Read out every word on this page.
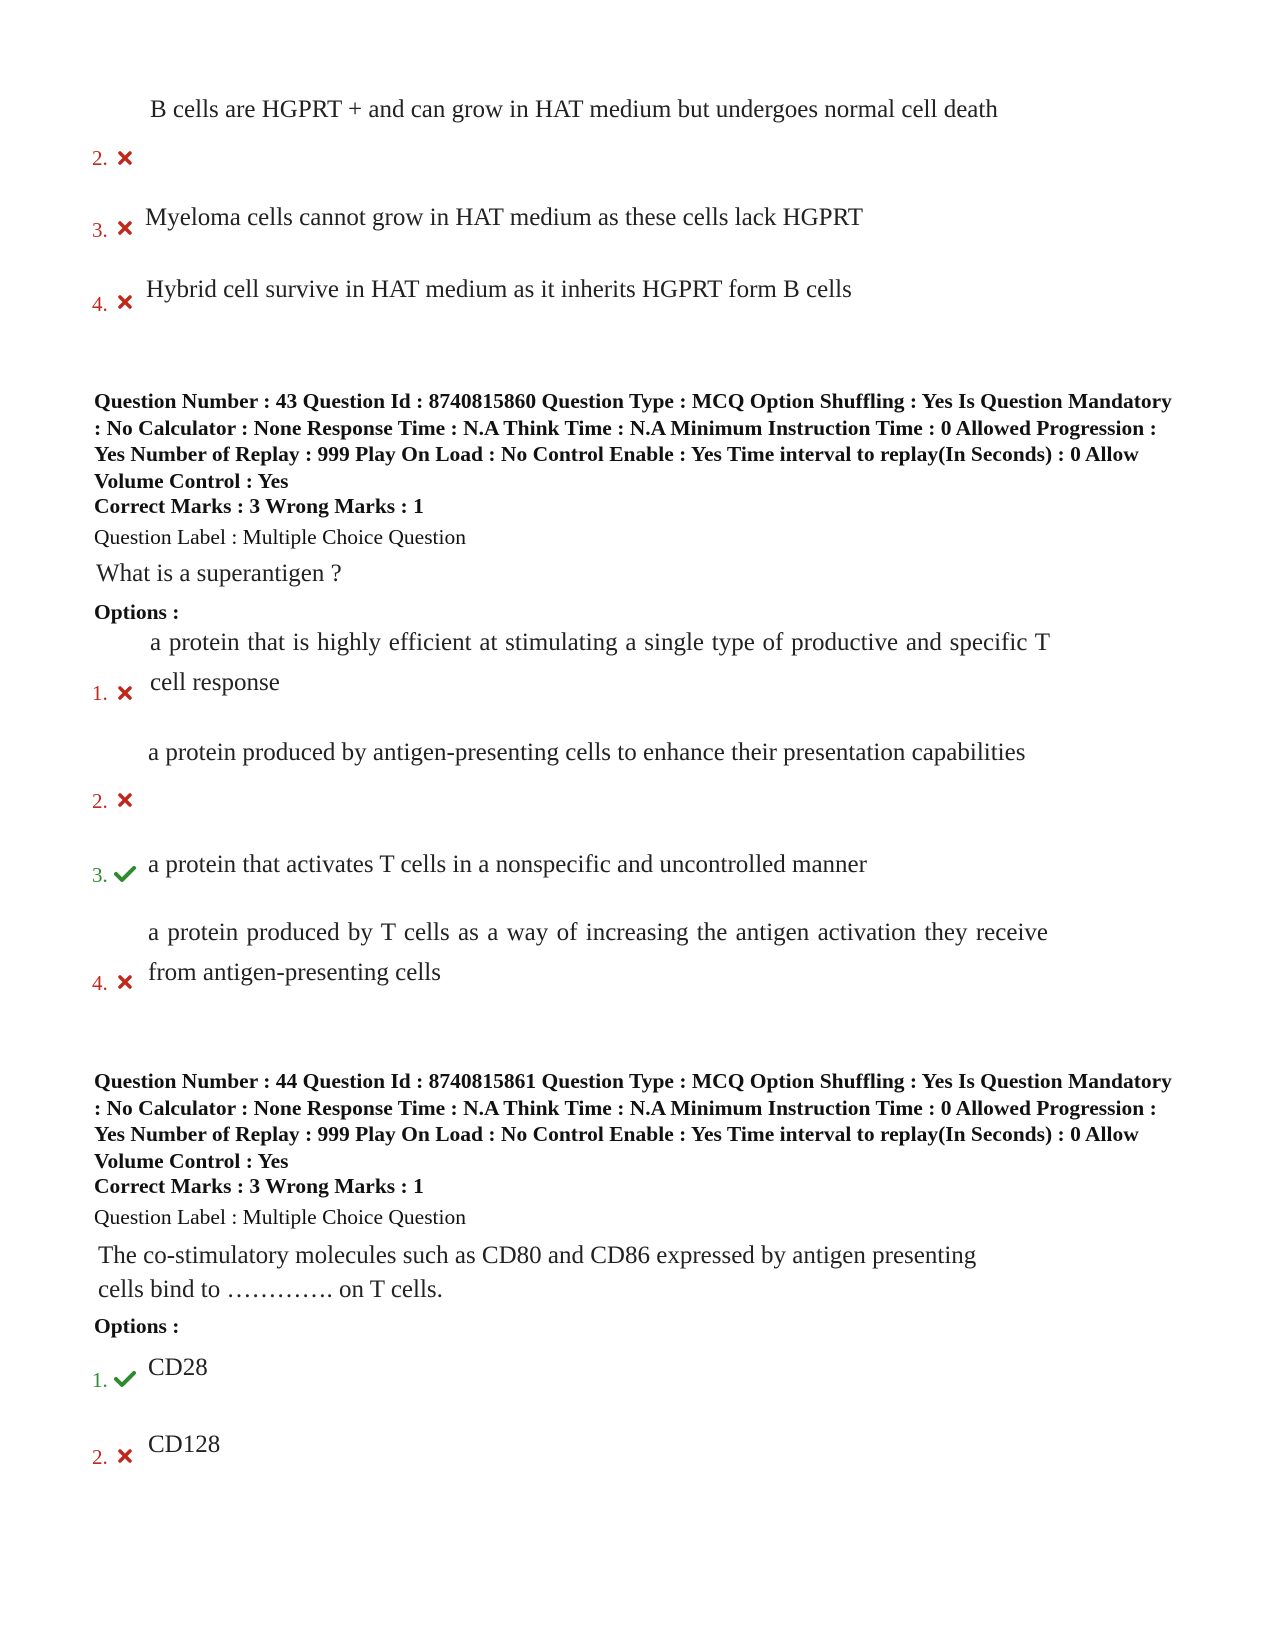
B cells are HGPRT + and can grow in HAT medium but undergoes normal cell death
2.
Myeloma cells cannot grow in HAT medium as these cells lack HGPRT
3.
Hybrid cell survive in HAT medium as it inherits HGPRT form B cells
4.
Question Number : 43 Question Id : 8740815860 Question Type : MCQ Option Shuffling : Yes Is Question Mandatory : No Calculator : None Response Time : N.A Think Time : N.A Minimum Instruction Time : 0 Allowed Progression : Yes Number of Replay : 999 Play On Load : No Control Enable : Yes Time interval to replay(In Seconds) : 0 Allow Volume Control : Yes
Correct Marks : 3 Wrong Marks : 1
Question Label : Multiple Choice Question
What is a superantigen ?
Options :
a protein that is highly efficient at stimulating a single type of productive and specific T cell response
1.
a protein produced by antigen-presenting cells to enhance their presentation capabilities
2.
a protein that activates T cells in a nonspecific and uncontrolled manner
3.
a protein produced by T cells as a way of increasing the antigen activation they receive from antigen-presenting cells
4.
Question Number : 44 Question Id : 8740815861 Question Type : MCQ Option Shuffling : Yes Is Question Mandatory : No Calculator : None Response Time : N.A Think Time : N.A Minimum Instruction Time : 0 Allowed Progression : Yes Number of Replay : 999 Play On Load : No Control Enable : Yes Time interval to replay(In Seconds) : 0 Allow Volume Control : Yes
Correct Marks : 3 Wrong Marks : 1
Question Label : Multiple Choice Question
The co-stimulatory molecules such as CD80 and CD86 expressed by antigen presenting
cells bind to …………. on T cells.
Options :
CD28
1.
CD128
2.
